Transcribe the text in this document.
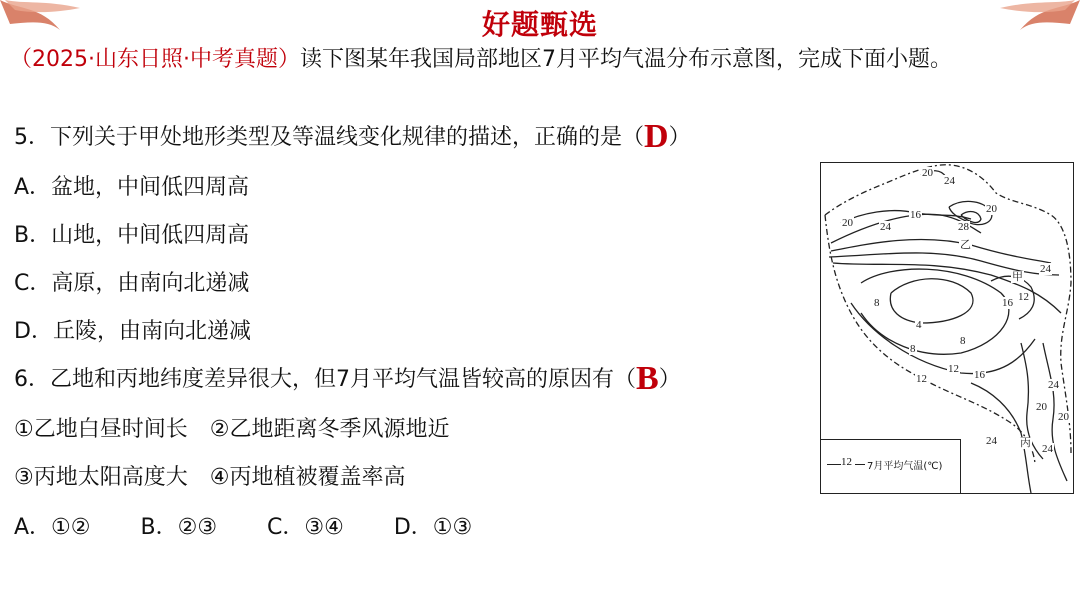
好题甄选
（2025·山东日照·中考真题）读下图某年我国局部地区7月平均气温分布示意图，完成下面小题。
5．下列关于甲处地形类型及等温线变化规律的描述，正确的是（D）
A．盆地，中间低四周高
B．山地，中间低四周高
C．高原，由南向北递减
D．丘陵，由南向北递减
6．乙地和丙地纬度差异很大，但7月平均气温皆较高的原因有（B）
①乙地白昼时间长　②乙地距离冬季风源地近
③丙地太阳高度大　④丙地植被覆盖率高
A．①② B．②③ C．③④ D．①③
20
24
16
28
20 24
20
24
8	12
16
4
8
8
12
12 16
24
20
20
24
24
乙
甲
丙
12 7月平均气温(℃)
